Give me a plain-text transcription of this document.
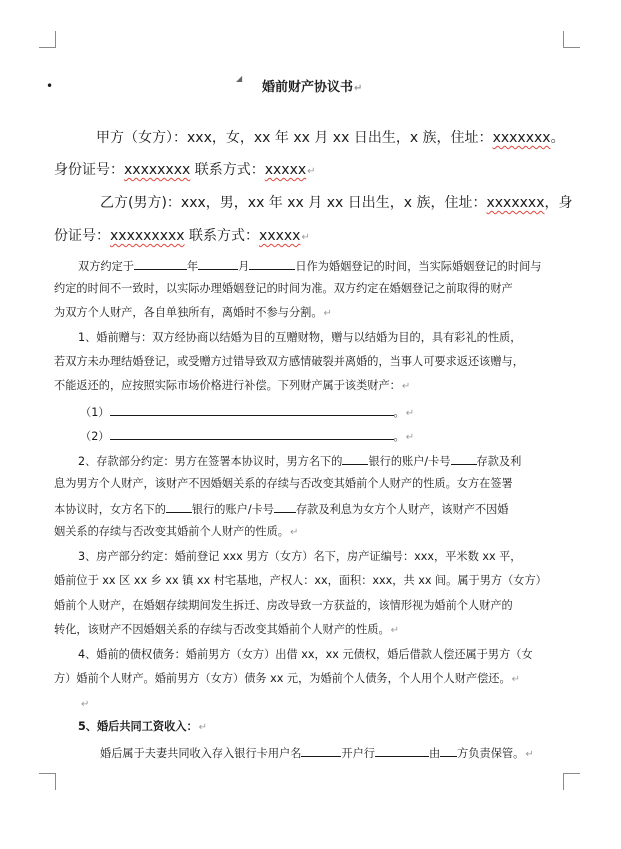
•
◢
婚前财产协议书↵
甲方（女方）：xxx，女，xx 年 xx 月 xx 日出生，x 族，住址：xxxxxxx。
身份证号：xxxxxxxx 联系方式：xxxxx↵
乙方(男方)：xxx，男，xx 年 xx 月 xx 日出生，x 族，住址：xxxxxxx，身
份证号：xxxxxxxxx 联系方式：xxxxx↵
双方约定于	年	月	日作为婚姻登记的时间，当实际婚姻登记的时间与
约定的时间不一致时，以实际办理婚姻登记的时间为准。双方约定在婚姻登记之前取得的财产
为双方个人财产，各自单独所有，离婚时不参与分割。↵
1、婚前赠与：双方经协商以结婚为目的互赠财物，赠与以结婚为目的，具有彩礼的性质，
若双方未办理结婚登记，或受赠方过错导致双方感情破裂并离婚的，当事人可要求返还该赠与，
不能返还的，应按照实际市场价格进行补偿。下列财产属于该类财产：↵
（1）	。↵
（2）	。↵
2、存款部分约定：男方在签署本协议时，男方名下的 银行的账户/卡号 存款及利
息为男方个人财产，该财产不因婚姻关系的存续与否改变其婚前个人财产的性质。女方在签署
本协议时，女方名下的 银行的账户/卡号 存款及利息为女方个人财产，该财产不因婚
姻关系的存续与否改变其婚前个人财产的性质。↵
3、房产部分约定：婚前登记 xxx 男方（女方）名下，房产证编号：xxx，平米数 xx 平，
婚前位于 xx 区 xx 乡 xx 镇 xx 村宅基地，产权人：xx，面积：xxx，共 xx 间。属于男方（女方）
婚前个人财产，在婚姻存续期间发生拆迁、房改导致一方获益的，该情形视为婚前个人财产的
转化，该财产不因婚姻关系的存续与否改变其婚前个人财产的性质。↵
4、婚前的债权债务：婚前男方（女方）出借 xx，xx 元债权，婚后借款人偿还属于男方（女
方）婚前个人财产。婚前男方（女方）债务 xx 元，为婚前个人债务，个人用个人财产偿还。↵
↵
5、婚后共同工资收入：↵
婚后属于夫妻共同收入存入银行卡用户名	开户行	由 方负责保管。↵
